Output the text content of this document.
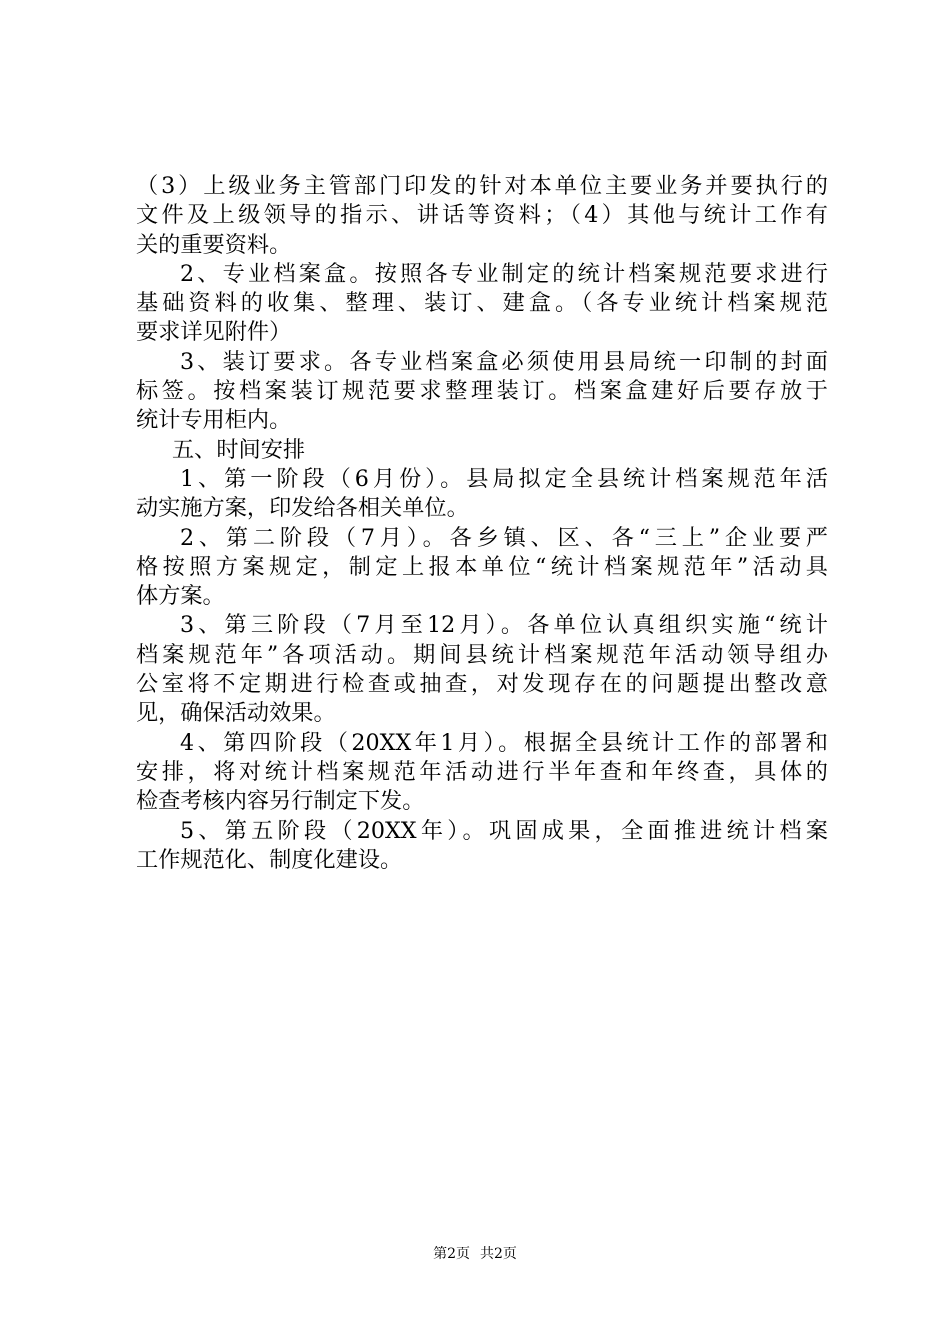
（3）上级业务主管部门印发的针对本单位主要业务并要执行的
文件及上级领导的指示、讲话等资料；（4）其他与统计工作有
关的重要资料。
2、专业档案盒。按照各专业制定的统计档案规范要求进行
基础资料的收集、整理、装订、建盒。（各专业统计档案规范
要求详见附件）
3、装订要求。各专业档案盒必须使用县局统一印制的封面
标签。按档案装订规范要求整理装订。档案盒建好后要存放于
统计专用柜内。
五、时间安排
1、第一阶段（6月份）。县局拟定全县统计档案规范年活
动实施方案，印发给各相关单位。
2、第二阶段（7月）。各乡镇、区、各“三上”企业要严
格按照方案规定，制定上报本单位“统计档案规范年”活动具
体方案。
3、第三阶段（7月至12月）。各单位认真组织实施“统计
档案规范年”各项活动。期间县统计档案规范年活动领导组办
公室将不定期进行检查或抽查，对发现存在的问题提出整改意
见，确保活动效果。
4、第四阶段（20XX年1月）。根据全县统计工作的部署和
安排，将对统计档案规范年活动进行半年查和年终查，具体的
检查考核内容另行制定下发。
5、第五阶段（20XX年）。巩固成果，全面推进统计档案
工作规范化、制度化建设。
第2页 共2页
